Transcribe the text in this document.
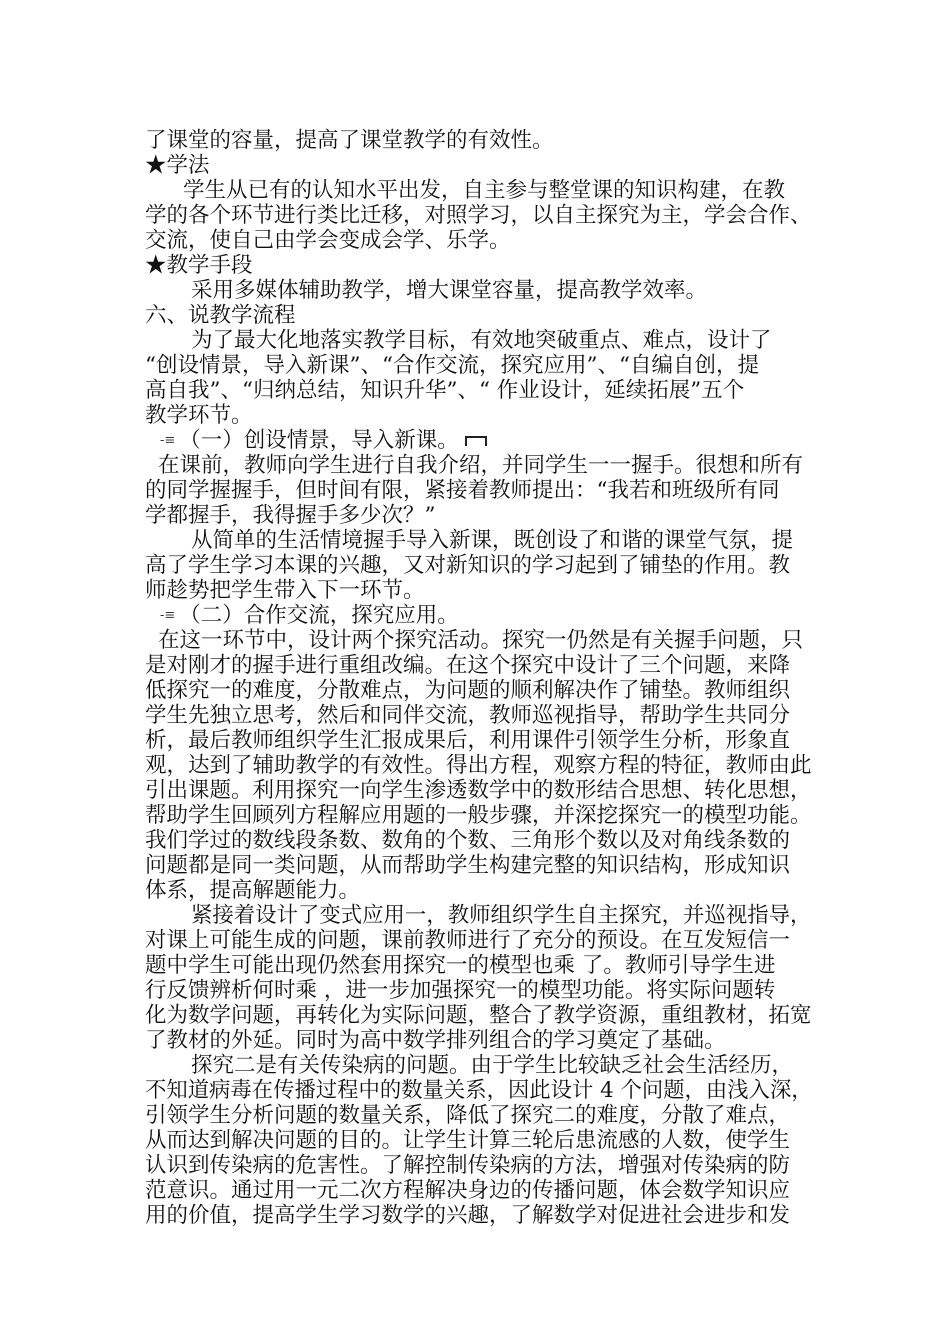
了课堂的容量，提高了课堂教学的有效性。
★学法
学生从已有的认知水平出发，自主参与整堂课的知识构建，在教
学的各个环节进行类比迁移，对照学习，以自主探究为主，学会合作、
交流，使自己由学会变成会学、乐学。
★教学手段
采用多媒体辅助教学，增大课堂容量，提高教学效率。
六、说教学流程
为了最大化地落实教学目标，有效地突破重点、难点，设计了
“创设情景，导入新课”、“合作交流，探究应用”、“自编自创，提
高自我”、“归纳总结，知识升华”、“ 作业设计，延续拓展”五个
教学环节。
-≡ （一）创设情景，导入新课。
在课前，教师向学生进行自我介绍，并同学生一一握手。很想和所有
的同学握握手，但时间有限，紧接着教师提出：“我若和班级所有同
学都握手，我得握手多少次？”
从简单的生活情境握手导入新课，既创设了和谐的课堂气氛，提
高了学生学习本课的兴趣，又对新知识的学习起到了铺垫的作用。教
师趁势把学生带入下一环节。
-≡ （二）合作交流，探究应用。
在这一环节中，设计两个探究活动。探究一仍然是有关握手问题，只
是对刚才的握手进行重组改编。在这个探究中设计了三个问题，来降
低探究一的难度，分散难点，为问题的顺利解决作了铺垫。教师组织
学生先独立思考，然后和同伴交流，教师巡视指导，帮助学生共同分
析，最后教师组织学生汇报成果后，利用课件引领学生分析，形象直
观，达到了辅助教学的有效性。得出方程，观察方程的特征，教师由此
引出课题。利用探究一向学生渗透数学中的数形结合思想、转化思想，
帮助学生回顾列方程解应用题的一般步骤，并深挖探究一的模型功能。
我们学过的数线段条数、数角的个数、三角形个数以及对角线条数的
问题都是同一类问题，从而帮助学生构建完整的知识结构，形成知识
体系，提高解题能力。
紧接着设计了变式应用一，教师组织学生自主探究，并巡视指导，
对课上可能生成的问题，课前教师进行了充分的预设。在互发短信一
题中学生可能出现仍然套用探究一的模型也乘 了。教师引导学生进
行反馈辨析何时乘 ，进一步加强探究一的模型功能。将实际问题转
化为数学问题，再转化为实际问题，整合了教学资源，重组教材，拓宽
了教材的外延。同时为高中数学排列组合的学习奠定了基础。
探究二是有关传染病的问题。由于学生比较缺乏社会生活经历，
不知道病毒在传播过程中的数量关系，因此设计 4 个问题，由浅入深，
引领学生分析问题的数量关系，降低了探究二的难度，分散了难点，
从而达到解决问题的目的。让学生计算三轮后患流感的人数，使学生
认识到传染病的危害性。了解控制传染病的方法，增强对传染病的防
范意识。通过用一元二次方程解决身边的传播问题，体会数学知识应
用的价值，提高学生学习数学的兴趣，了解数学对促进社会进步和发
